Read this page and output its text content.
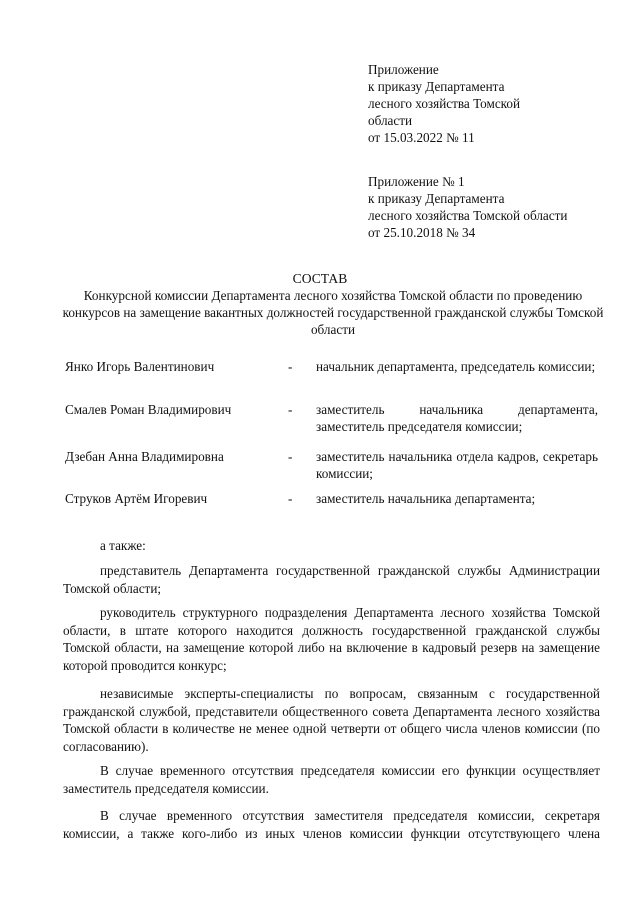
Приложение
к приказу Департамента
лесного хозяйства Томской
области
от 15.03.2022 № 11
Приложение № 1
к приказу Департамента
лесного хозяйства Томской области
от 25.10.2018 № 34
СОСТАВ
Конкурсной комиссии Департамента лесного хозяйства Томской области по проведению конкурсов на замещение вакантных должностей государственной гражданской службы Томской области
Янко Игорь Валентинович	- начальник департамента, председатель комиссии;
Смалев Роман Владимирович	- заместитель начальника департамента, заместитель председателя комиссии;
Дзебан Анна Владимировна	- заместитель начальника отдела кадров, секретарь комиссии;
Струков Артём Игоревич	- заместитель начальника департамента;
а также:
представитель Департамента государственной гражданской службы Администрации Томской области;
руководитель структурного подразделения Департамента лесного хозяйства Томской области, в штате которого находится должность государственной гражданской службы Томской области, на замещение которой либо на включение в кадровый резерв на замещение которой проводится конкурс;
независимые эксперты-специалисты по вопросам, связанным с государственной гражданской службой, представители общественного совета Департамента лесного хозяйства Томской области в количестве не менее одной четверти от общего числа членов комиссии (по согласованию).
В случае временного отсутствия председателя комиссии его функции осуществляет заместитель председателя комиссии.
В случае временного отсутствия заместителя председателя комиссии, секретаря комиссии, а также кого-либо из иных членов комиссии функции отсутствующего члена
